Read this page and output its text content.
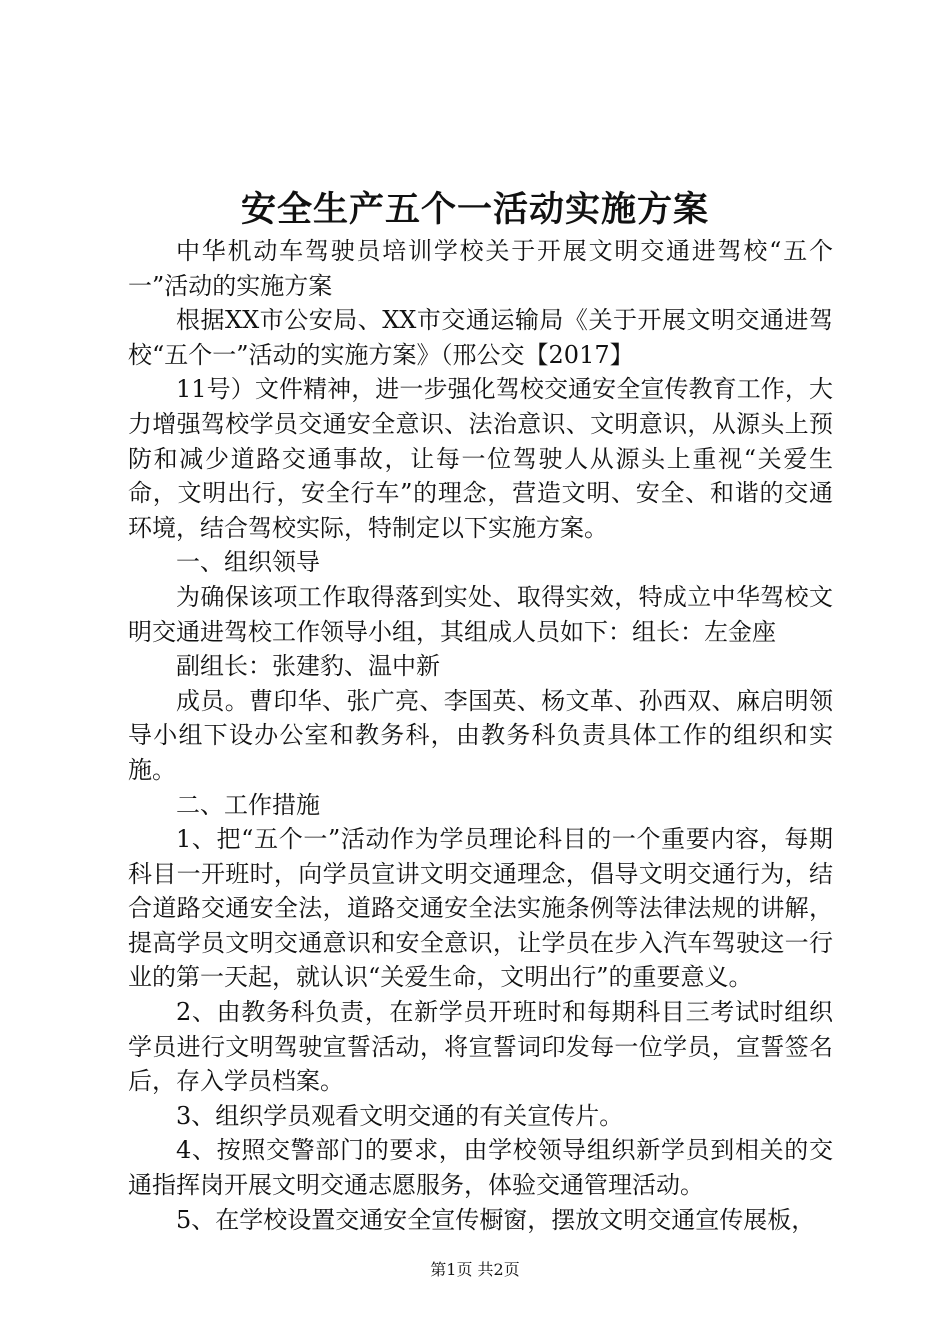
安全生产五个一活动实施方案

中华机动车驾驶员培训学校关于开展文明交通进驾校“五个一”活动的实施方案

根据XX市公安局、XX市交通运输局《关于开展文明交通进驾校“五个一”活动的实施方案》（邢公交【2017】

11号）文件精神，进一步强化驾校交通安全宣传教育工作，大力增强驾校学员交通安全意识、法治意识、文明意识，从源头上预防和减少道路交通事故，让每一位驾驶人从源头上重视“关爱生命，文明出行，安全行车”的理念，营造文明、安全、和谐的交通环境，结合驾校实际，特制定以下实施方案。

一、组织领导

为确保该项工作取得落到实处、取得实效，特成立中华驾校文明交通进驾校工作领导小组，其组成人员如下：组长：左金座

副组长：张建豹、温中新

成员。曹印华、张广亮、李国英、杨文革、孙西双、麻启明领导小组下设办公室和教务科，由教务科负责具体工作的组织和实施。

二、工作措施

1、把“五个一”活动作为学员理论科目的一个重要内容，每期科目一开班时，向学员宣讲文明交通理念，倡导文明交通行为，结合道路交通安全法，道路交通安全法实施条例等法律法规的讲解，提高学员文明交通意识和安全意识，让学员在步入汽车驾驶这一行业的第一天起，就认识“关爱生命，文明出行”的重要意义。

2、由教务科负责，在新学员开班时和每期科目三考试时组织学员进行文明驾驶宣誓活动，将宣誓词印发每一位学员，宣誓签名后，存入学员档案。

3、组织学员观看文明交通的有关宣传片。

4、按照交警部门的要求，由学校领导组织新学员到相关的交通指挥岗开展文明交通志愿服务，体验交通管理活动。

5、在学校设置交通安全宣传橱窗，摆放文明交通宣传展板，

第1页 共2页
